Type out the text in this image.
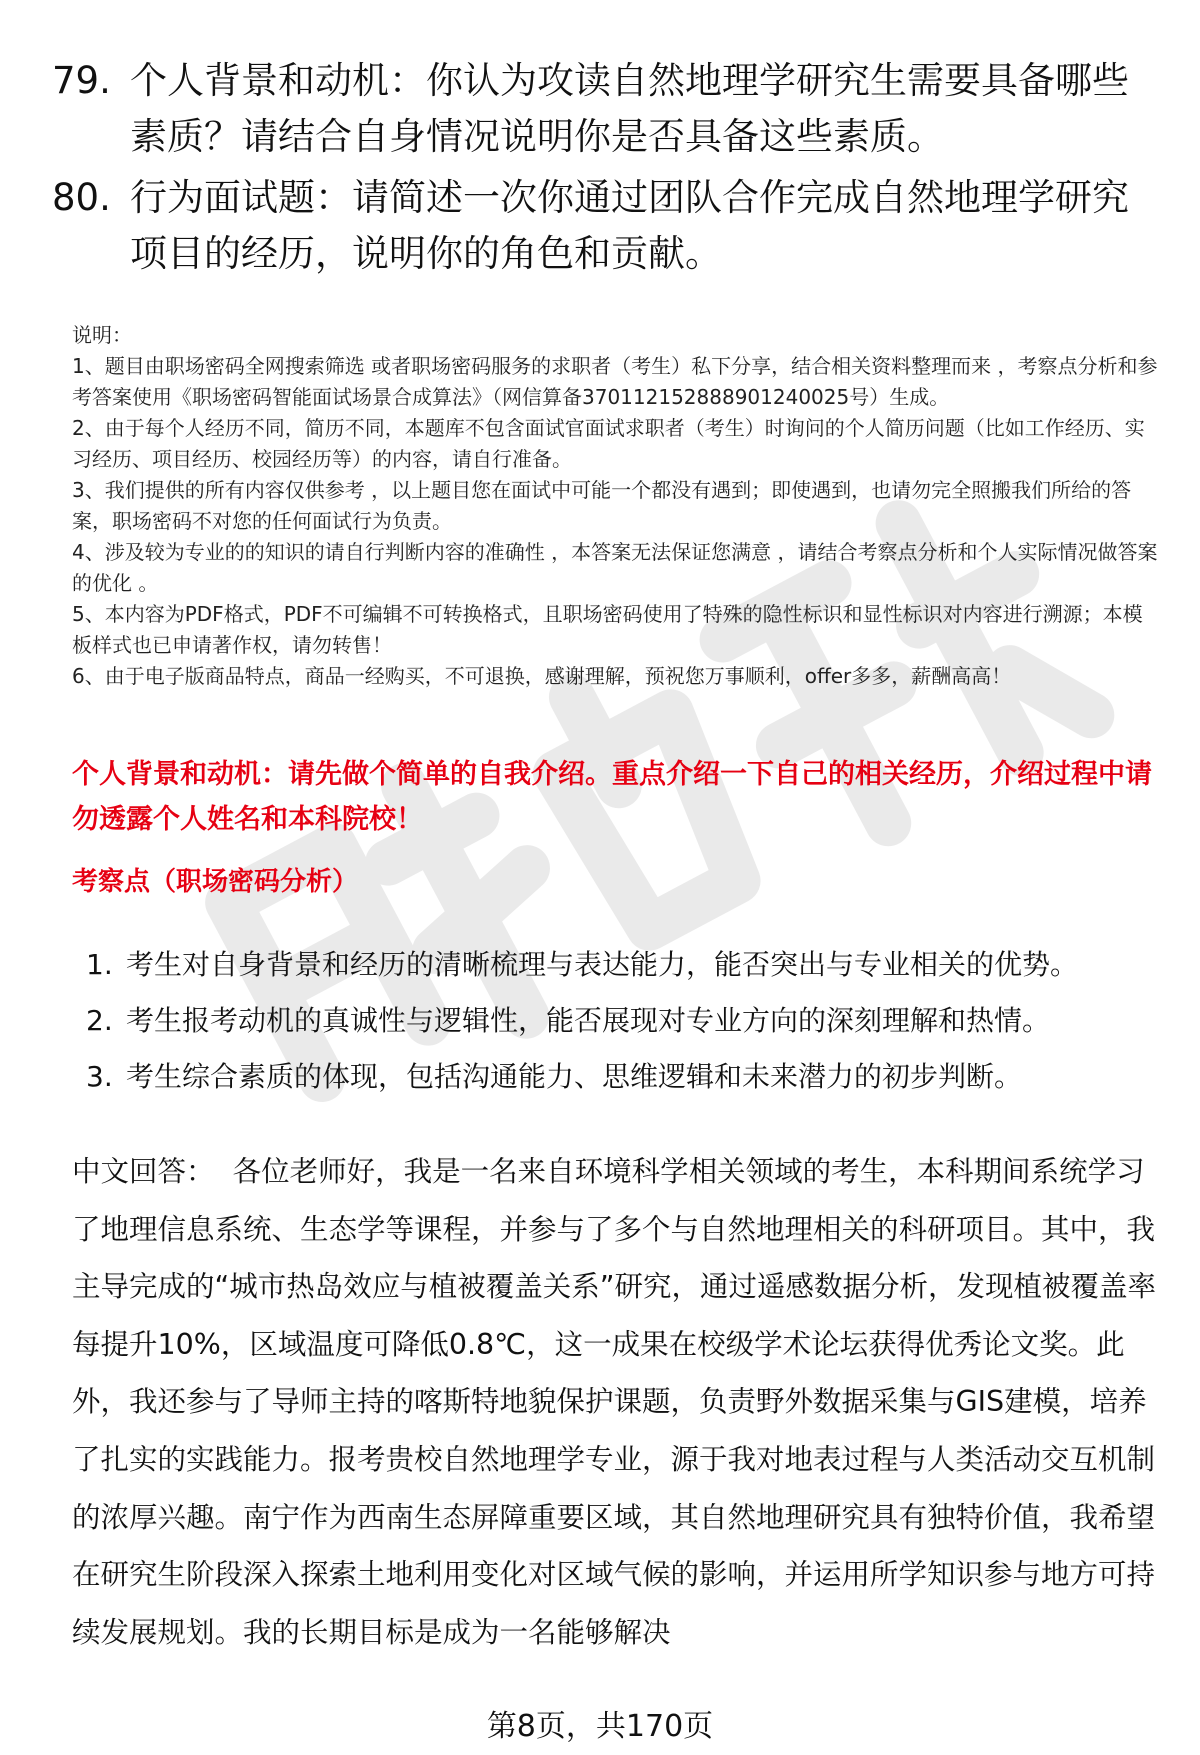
79. 个人背景和动机：你认为攻读自然地理学研究生需要具备哪些素质？请结合自身情况说明你是否具备这些素质。
80. 行为面试题：请简述一次你通过团队合作完成自然地理学研究项目的经历，说明你的角色和贡献。
说明：
1、题目由职场密码全网搜索筛选 或者职场密码服务的求职者（考生）私下分享，结合相关资料整理而来 ，考察点分析和参考答案使用《职场密码智能面试场景合成算法》（网信算备370112152888901240025号）生成。
2、由于每个人经历不同，简历不同，本题库不包含面试官面试求职者（考生）时询问的个人简历问题（比如工作经历、实习经历、项目经历、校园经历等）的内容，请自行准备。
3、我们提供的所有内容仅供参考 ，以上题目您在面试中可能一个都没有遇到；即使遇到，也请勿完全照搬我们所给的答案，职场密码不对您的任何面试行为负责。
4、涉及较为专业的的知识的请自行判断内容的准确性 ，本答案无法保证您满意 ，请结合考察点分析和个人实际情况做答案的优化 。
5、本内容为PDF格式，PDF不可编辑不可转换格式，且职场密码使用了特殊的隐性标识和显性标识对内容进行溯源；本模板样式也已申请著作权，请勿转售！
6、由于电子版商品特点，商品一经购买，不可退换，感谢理解，预祝您万事顺利，offer多多，薪酬高高！
个人背景和动机：请先做个简单的自我介绍。重点介绍一下自己的相关经历，介绍过程中请勿透露个人姓名和本科院校！
考察点（职场密码分析）
1. 考生对自身背景和经历的清晰梳理与表达能力，能否突出与专业相关的优势。
2. 考生报考动机的真诚性与逻辑性，能否展现对专业方向的深刻理解和热情。
3. 考生综合素质的体现，包括沟通能力、思维逻辑和未来潜力的初步判断。

中文回答： 各位老师好，我是一名来自环境科学相关领域的考生，本科期间系统学习了地理信息系统、生态学等课程，并参与了多个与自然地理相关的科研项目。其中，我主导完成的“城市热岛效应与植被覆盖关系”研究，通过遥感数据分析，发现植被覆盖率每提升10%，区域温度可降低0.8℃，这一成果在校级学术论坛获得优秀论文奖。此外，我还参与了导师主持的喀斯特地貌保护课题，负责野外数据采集与GIS建模，培养了扎实的实践能力。报考贵校自然地理学专业，源于我对地表过程与人类活动交互机制的浓厚兴趣。南宁作为西南生态屏障重要区域，其自然地理研究具有独特价值，我希望在研究生阶段深入探索土地利用变化对区域气候的影响，并运用所学知识参与地方可持续发展规划。我的长期目标是成为一名能够解决

第8页，共170页
